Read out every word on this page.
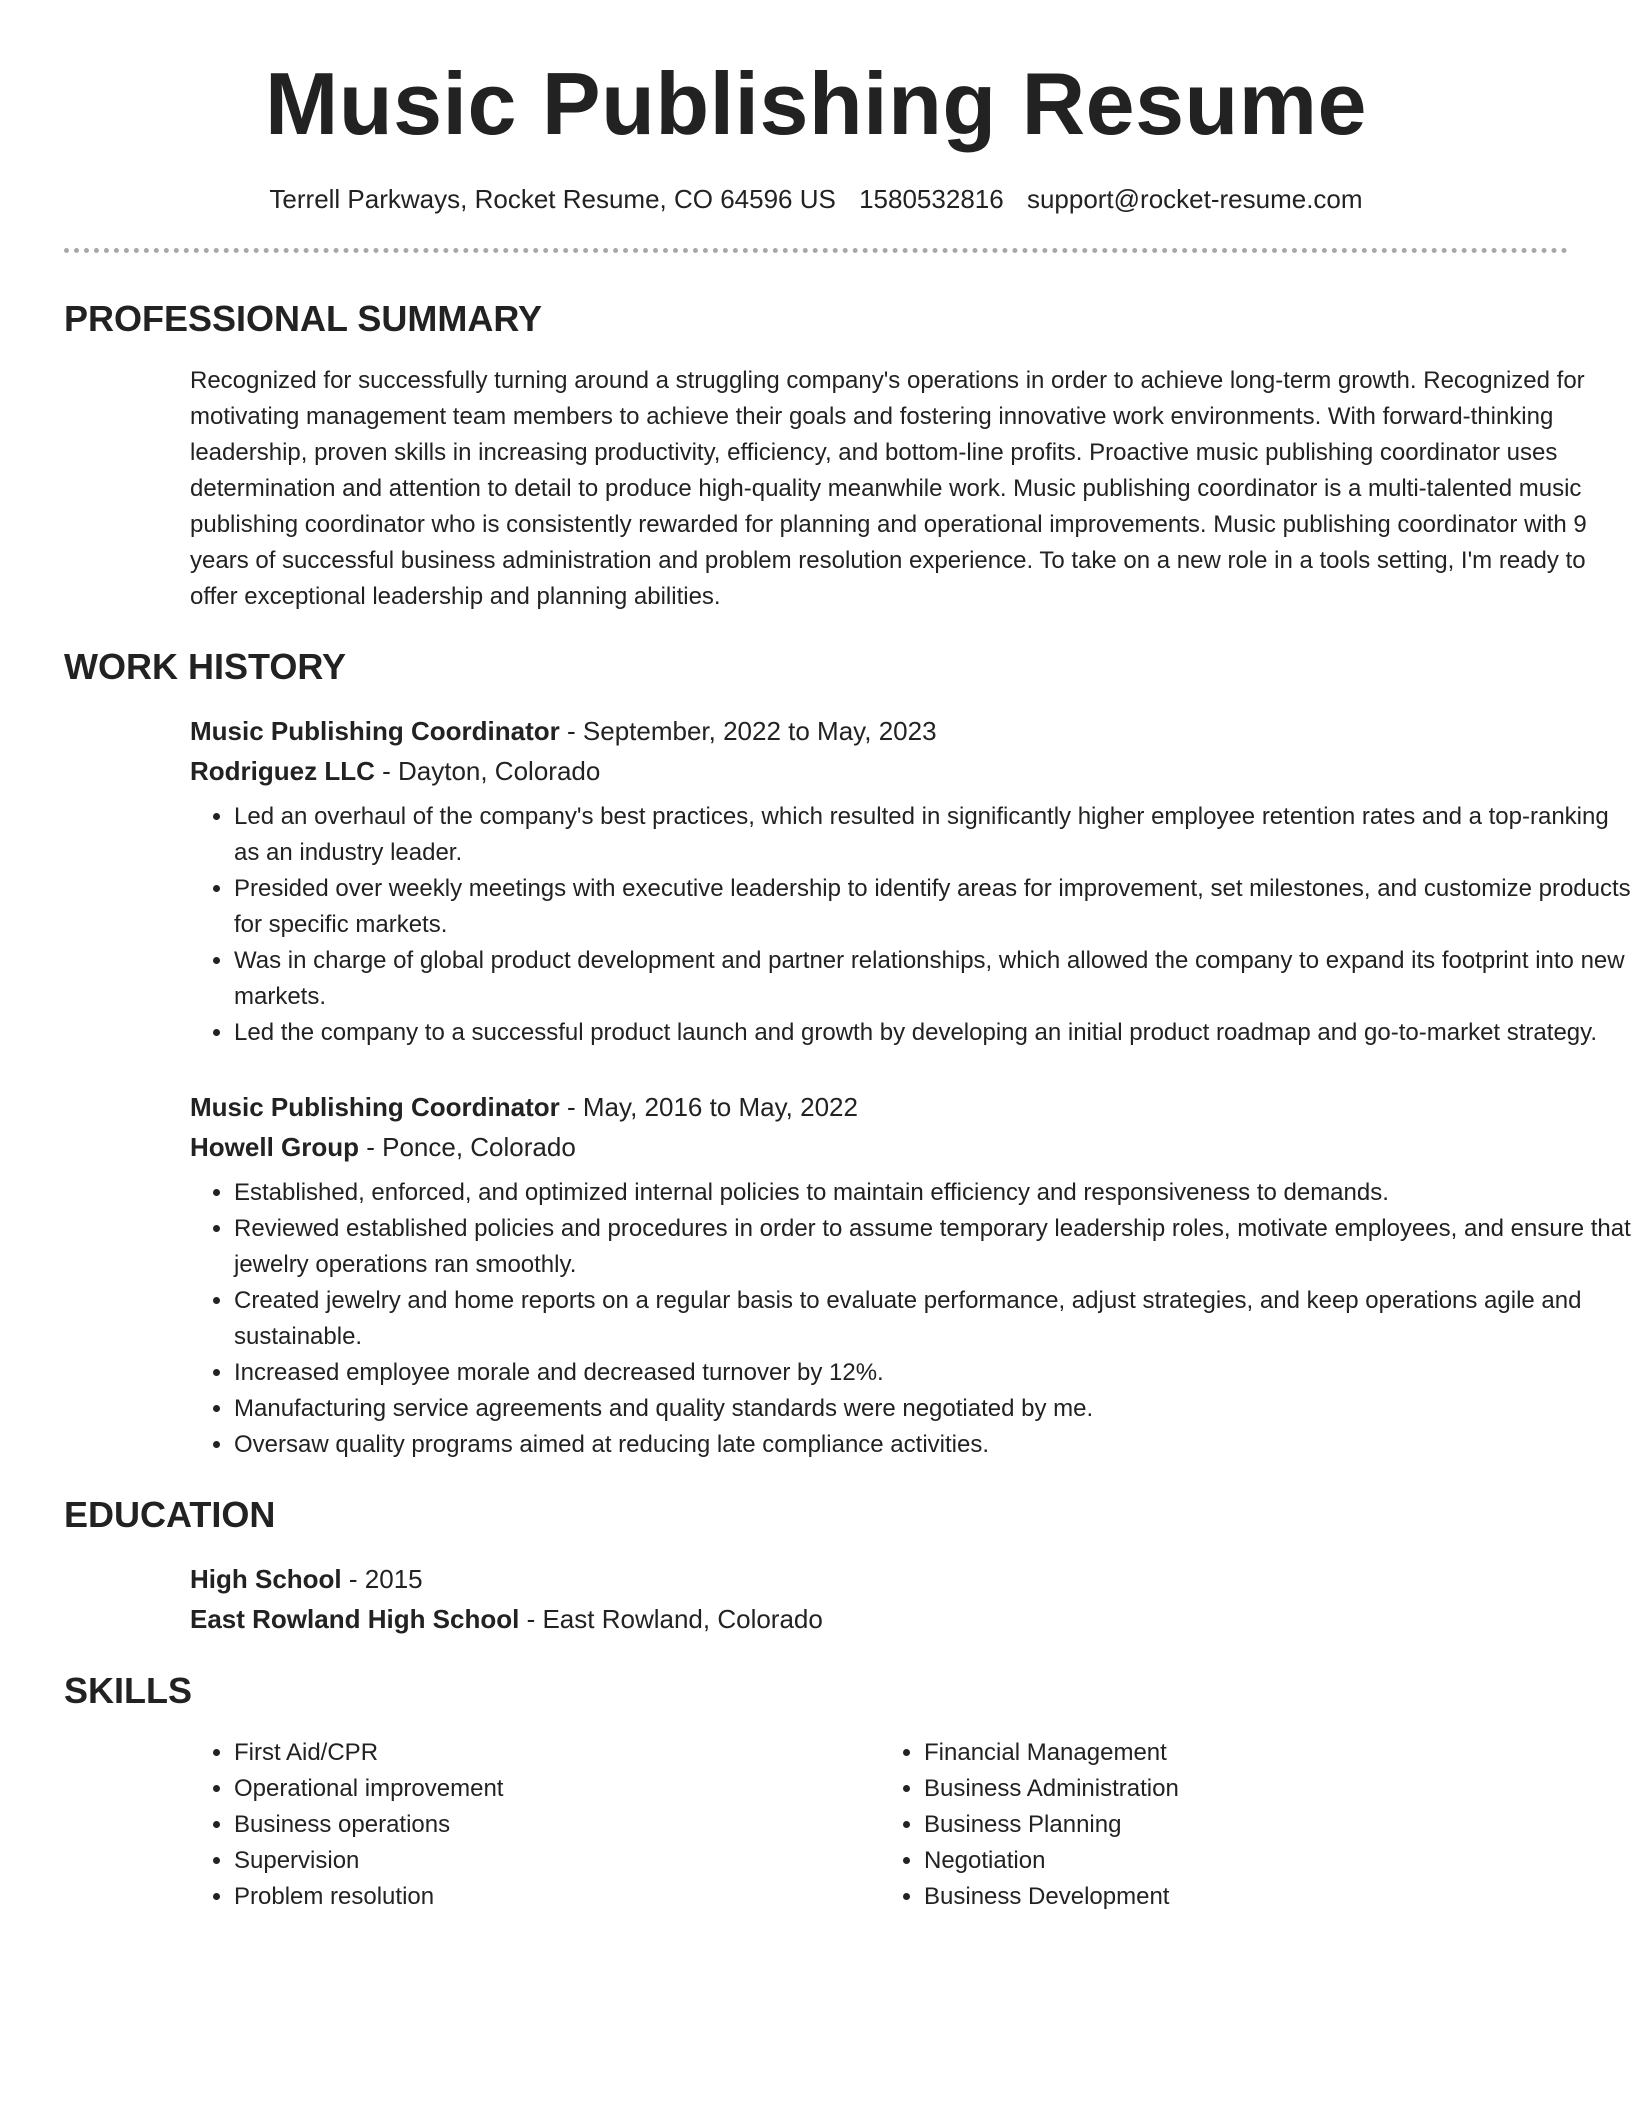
Music Publishing Resume
Terrell Parkways, Rocket Resume, CO 64596 US 1580532816 support@rocket-resume.com
PROFESSIONAL SUMMARY
Recognized for successfully turning around a struggling company's operations in order to achieve long-term growth. Recognized for motivating management team members to achieve their goals and fostering innovative work environments. With forward-thinking leadership, proven skills in increasing productivity, efficiency, and bottom-line profits. Proactive music publishing coordinator uses determination and attention to detail to produce high-quality meanwhile work. Music publishing coordinator is a multi-talented music publishing coordinator who is consistently rewarded for planning and operational improvements. Music publishing coordinator with 9 years of successful business administration and problem resolution experience. To take on a new role in a tools setting, I'm ready to offer exceptional leadership and planning abilities.
WORK HISTORY
Music Publishing Coordinator - September, 2022 to May, 2023
Rodriguez LLC - Dayton, Colorado
• Led an overhaul of the company's best practices, which resulted in significantly higher employee retention rates and a top-ranking as an industry leader.
• Presided over weekly meetings with executive leadership to identify areas for improvement, set milestones, and customize products for specific markets.
• Was in charge of global product development and partner relationships, which allowed the company to expand its footprint into new markets.
• Led the company to a successful product launch and growth by developing an initial product roadmap and go-to-market strategy.
Music Publishing Coordinator - May, 2016 to May, 2022
Howell Group - Ponce, Colorado
• Established, enforced, and optimized internal policies to maintain efficiency and responsiveness to demands.
• Reviewed established policies and procedures in order to assume temporary leadership roles, motivate employees, and ensure that jewelry operations ran smoothly.
• Created jewelry and home reports on a regular basis to evaluate performance, adjust strategies, and keep operations agile and sustainable.
• Increased employee morale and decreased turnover by 12%.
• Manufacturing service agreements and quality standards were negotiated by me.
• Oversaw quality programs aimed at reducing late compliance activities.
EDUCATION
High School - 2015
East Rowland High School - East Rowland, Colorado
SKILLS
• First Aid/CPR
• Operational improvement
• Business operations
• Supervision
• Problem resolution
• Financial Management
• Business Administration
• Business Planning
• Negotiation
• Business Development
